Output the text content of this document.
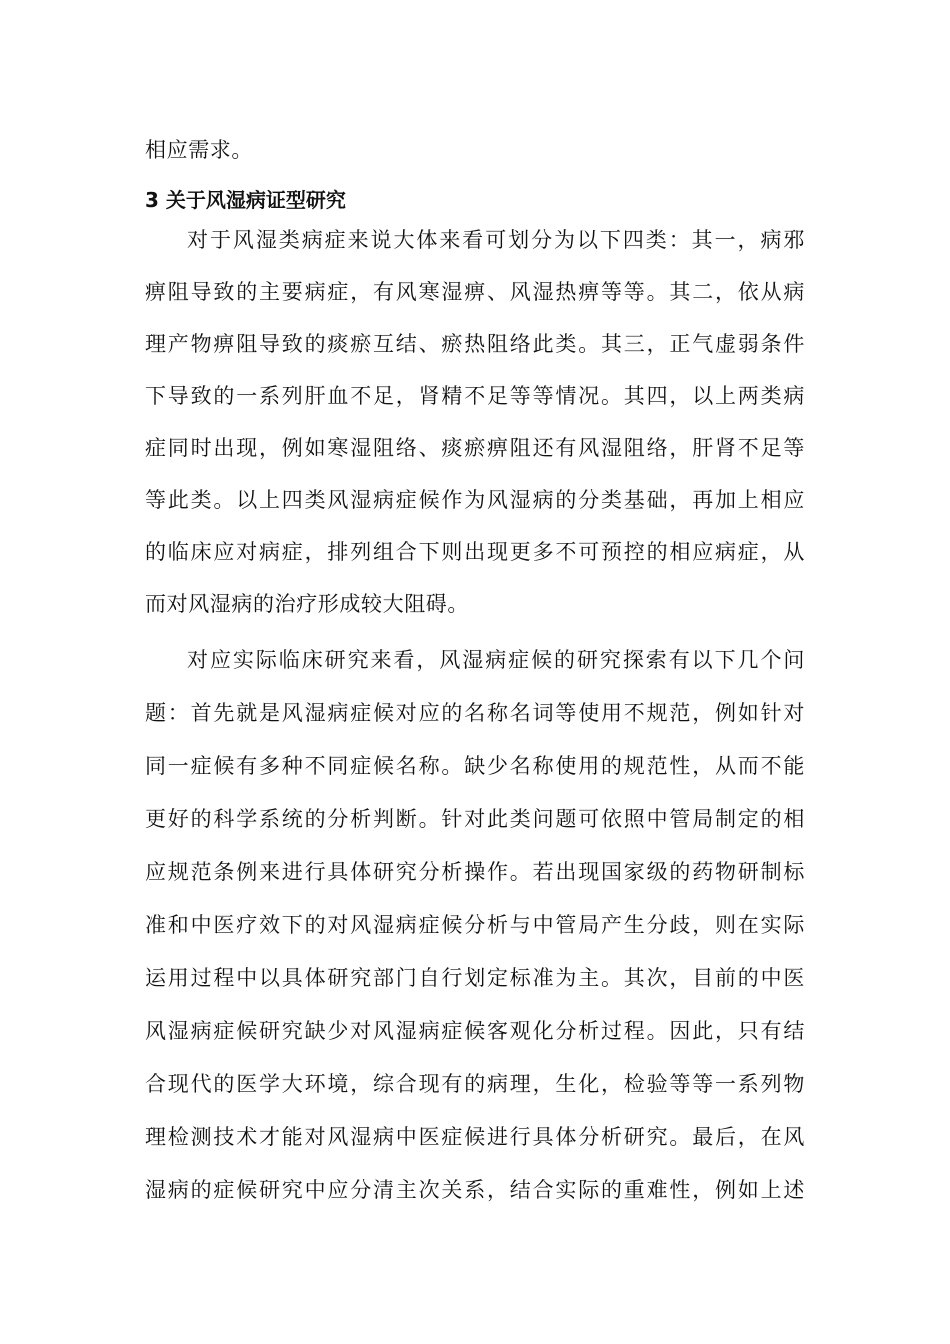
相应需求。
3 关于风湿病证型研究
对于风湿类病症来说大体来看可划分为以下四类：其一，病邪
痹阻导致的主要病症，有风寒湿痹、风湿热痹等等。其二，依从病
理产物痹阻导致的痰瘀互结、瘀热阻络此类。其三，正气虚弱条件
下导致的一系列肝血不足，肾精不足等等情况。其四，以上两类病
症同时出现，例如寒湿阻络、痰瘀痹阻还有风湿阻络，肝肾不足等
等此类。以上四类风湿病症候作为风湿病的分类基础，再加上相应
的临床应对病症，排列组合下则出现更多不可预控的相应病症，从
而对风湿病的治疗形成较大阻碍。
对应实际临床研究来看，风湿病症候的研究探索有以下几个问
题：首先就是风湿病症候对应的名称名词等使用不规范，例如针对
同一症候有多种不同症候名称。缺少名称使用的规范性，从而不能
更好的科学系统的分析判断。针对此类问题可依照中管局制定的相
应规范条例来进行具体研究分析操作。若出现国家级的药物研制标
准和中医疗效下的对风湿病症候分析与中管局产生分歧，则在实际
运用过程中以具体研究部门自行划定标准为主。其次，目前的中医
风湿病症候研究缺少对风湿病症候客观化分析过程。因此，只有结
合现代的医学大环境，综合现有的病理，生化，检验等等一系列物
理检测技术才能对风湿病中医症候进行具体分析研究。最后，在风
湿病的症候研究中应分清主次关系，结合实际的重难性，例如上述
